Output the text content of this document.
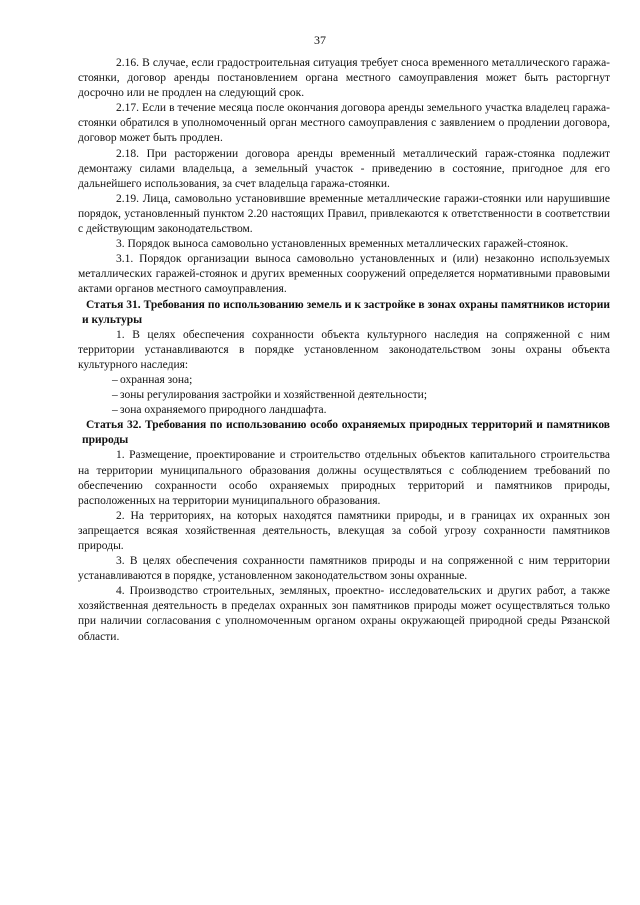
37

2.16. В случае, если градостроительная ситуация требует сноса временного металлического гаража-стоянки, договор аренды постановлением органа местного самоуправления может быть расторгнут досрочно или не продлен на следующий срок.

2.17. Если в течение месяца после окончания договора аренды земельного участка владелец гаража-стоянки обратился в уполномоченный орган местного самоуправления с заявлением о продлении договора, договор может быть продлен.

2.18. При расторжении договора аренды временный металлический гараж-стоянка подлежит демонтажу силами владельца, а земельный участок - приведению в состояние, пригодное для его дальнейшего использования, за счет владельца гаража-стоянки.

2.19. Лица, самовольно установившие временные металлические гаражи-стоянки или нарушившие порядок, установленный пунктом 2.20 настоящих Правил, привлекаются к ответственности в соответствии с действующим законодательством.

3. Порядок выноса самовольно установленных временных металлических гаражей-стоянок.

3.1. Порядок организации выноса самовольно установленных и (или) незаконно используемых металлических гаражей-стоянок и других временных сооружений определяется нормативными правовыми актами органов местного самоуправления.

Статья 31. Требования по использованию земель и к застройке в зонах охраны памятников истории и культуры

1. В целях обеспечения сохранности объекта культурного наследия на сопряженной с ним территории устанавливаются в порядке установленном законодательством зоны охраны объекта культурного наследия:

– охранная зона;

– зоны регулирования застройки и хозяйственной деятельности;

– зона охраняемого природного ландшафта.

Статья 32. Требования по использованию особо охраняемых природных территорий и памятников природы

1. Размещение, проектирование и строительство отдельных объектов капитального строительства на территории муниципального образования должны осуществляться с соблюдением требований по обеспечению сохранности особо охраняемых природных территорий и памятников природы, расположенных на территории муниципального образования.

2. На территориях, на которых находятся памятники природы, и в границах их охранных зон запрещается всякая хозяйственная деятельность, влекущая за собой угрозу сохранности памятников природы.

3. В целях обеспечения сохранности памятников природы и на сопряженной с ним территории устанавливаются в порядке, установленном законодательством зоны охранные.

4. Производство строительных, земляных, проектно- исследовательских и других работ, а также хозяйственная деятельность в пределах охранных зон памятников природы может осуществляться только при наличии согласования с уполномоченным органом охраны окружающей природной среды Рязанской области.
